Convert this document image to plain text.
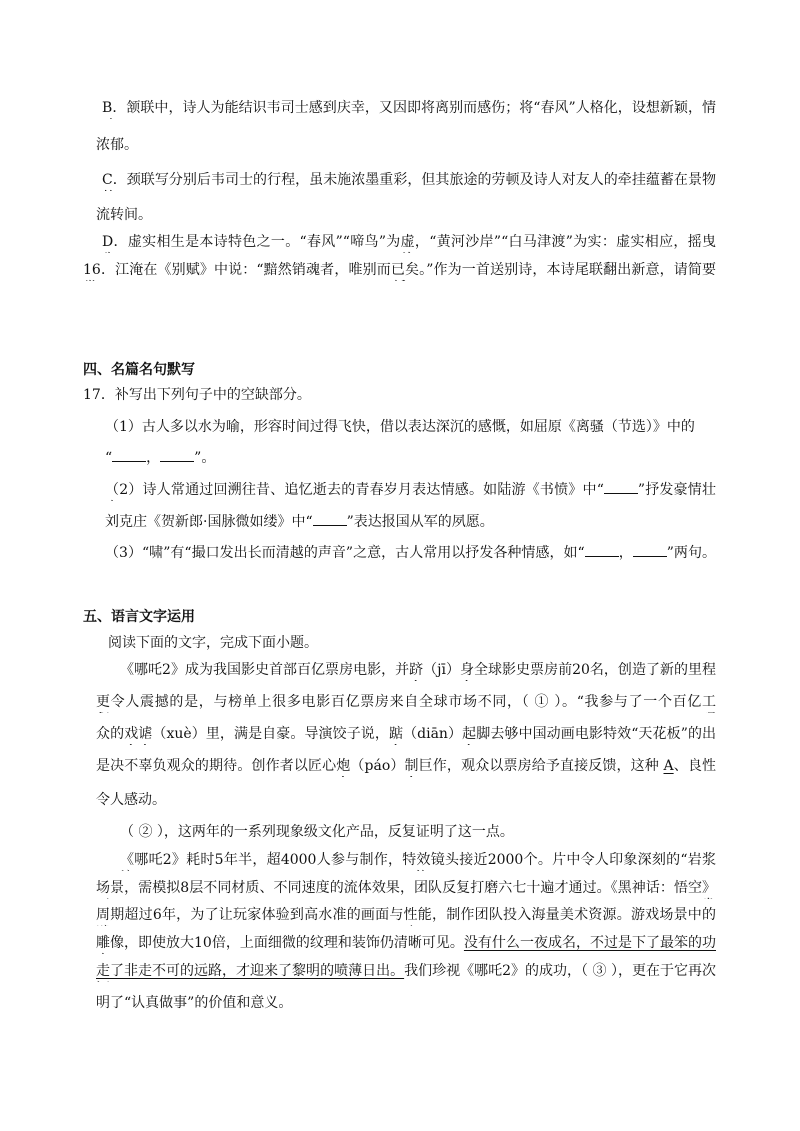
B．颔联中，诗人为能结识韦司士感到庆幸，又因即将离别而感伤；将“春风”人格化，设想新颖，情
浓郁。
C．颈联写分别后韦司士的行程，虽未施浓墨重彩，但其旅途的劳顿及诗人对友人的牵挂蕴蓄在景物
流转间。
D．虚实相生是本诗特色之一。“春风”“啼鸟”为虚，“黄河沙岸”“白马津渡”为实：虚实相应，摇曳
16．江淹在《别赋》中说：“黯然销魂者，唯别而已矣。”作为一首送别诗，本诗尾联翻出新意，请简要
四、名篇名句默写
17．补写出下列句子中的空缺部分。
（1）古人多以水为喻，形容时间过得飞快，借以表达深沉的感慨，如屈原《离骚（节选）》中的
“ ， ”。
（2）诗人常通过回溯往昔、追忆逝去的青春岁月表达情感。如陆游《书愤》中“ ”抒发豪情壮
刘克庄《贺新郎·国脉微如缕》中“ ”表达报国从军的夙愿。
（3）“啸”有“撮口发出长而清越的声音”之意，古人常用以抒发各种情感，如“ ， ”两句。
五、语言文字运用
阅读下面的文字，完成下面小题。
《哪吒2》成为我国影史首部百亿票房电影，并跻（jī）身全球影史票房前20名，创造了新的里程
更令人震撼的是，与榜单上很多电影百亿票房来自全球市场不同，（ ① ）。“我参与了一个百亿工
众的戏谑（xuè）里，满是自豪。导演饺子说，踮（diān）起脚去够中国动画电影特效“天花板”的出
是决不辜负观众的期待。创作者以匠心炮（páo）制巨作，观众以票房给予直接反馈，这种 A、良性
令人感动。
（ ② ），这两年的一系列现象级文化产品，反复证明了这一点。
《哪吒2》耗时5年半，超4000人参与制作，特效镜头接近2000个。片中令人印象深刻的“岩浆
场景，需模拟8层不同材质、不同速度的流体效果，团队反复打磨六七十遍才通过。《黑神话：悟空》
周期超过6年，为了让玩家体验到高水准的画面与性能，制作团队投入海量美术资源。游戏场景中的
雕像，即使放大10倍，上面细微的纹理和装饰仍清晰可见。没有什么一夜成名，不过是下了最笨的功
走了非走不可的远路，才迎来了黎明的喷薄日出。我们珍视《哪吒2》的成功，（ ③ ），更在于它再次
明了“认真做事”的价值和意义。
